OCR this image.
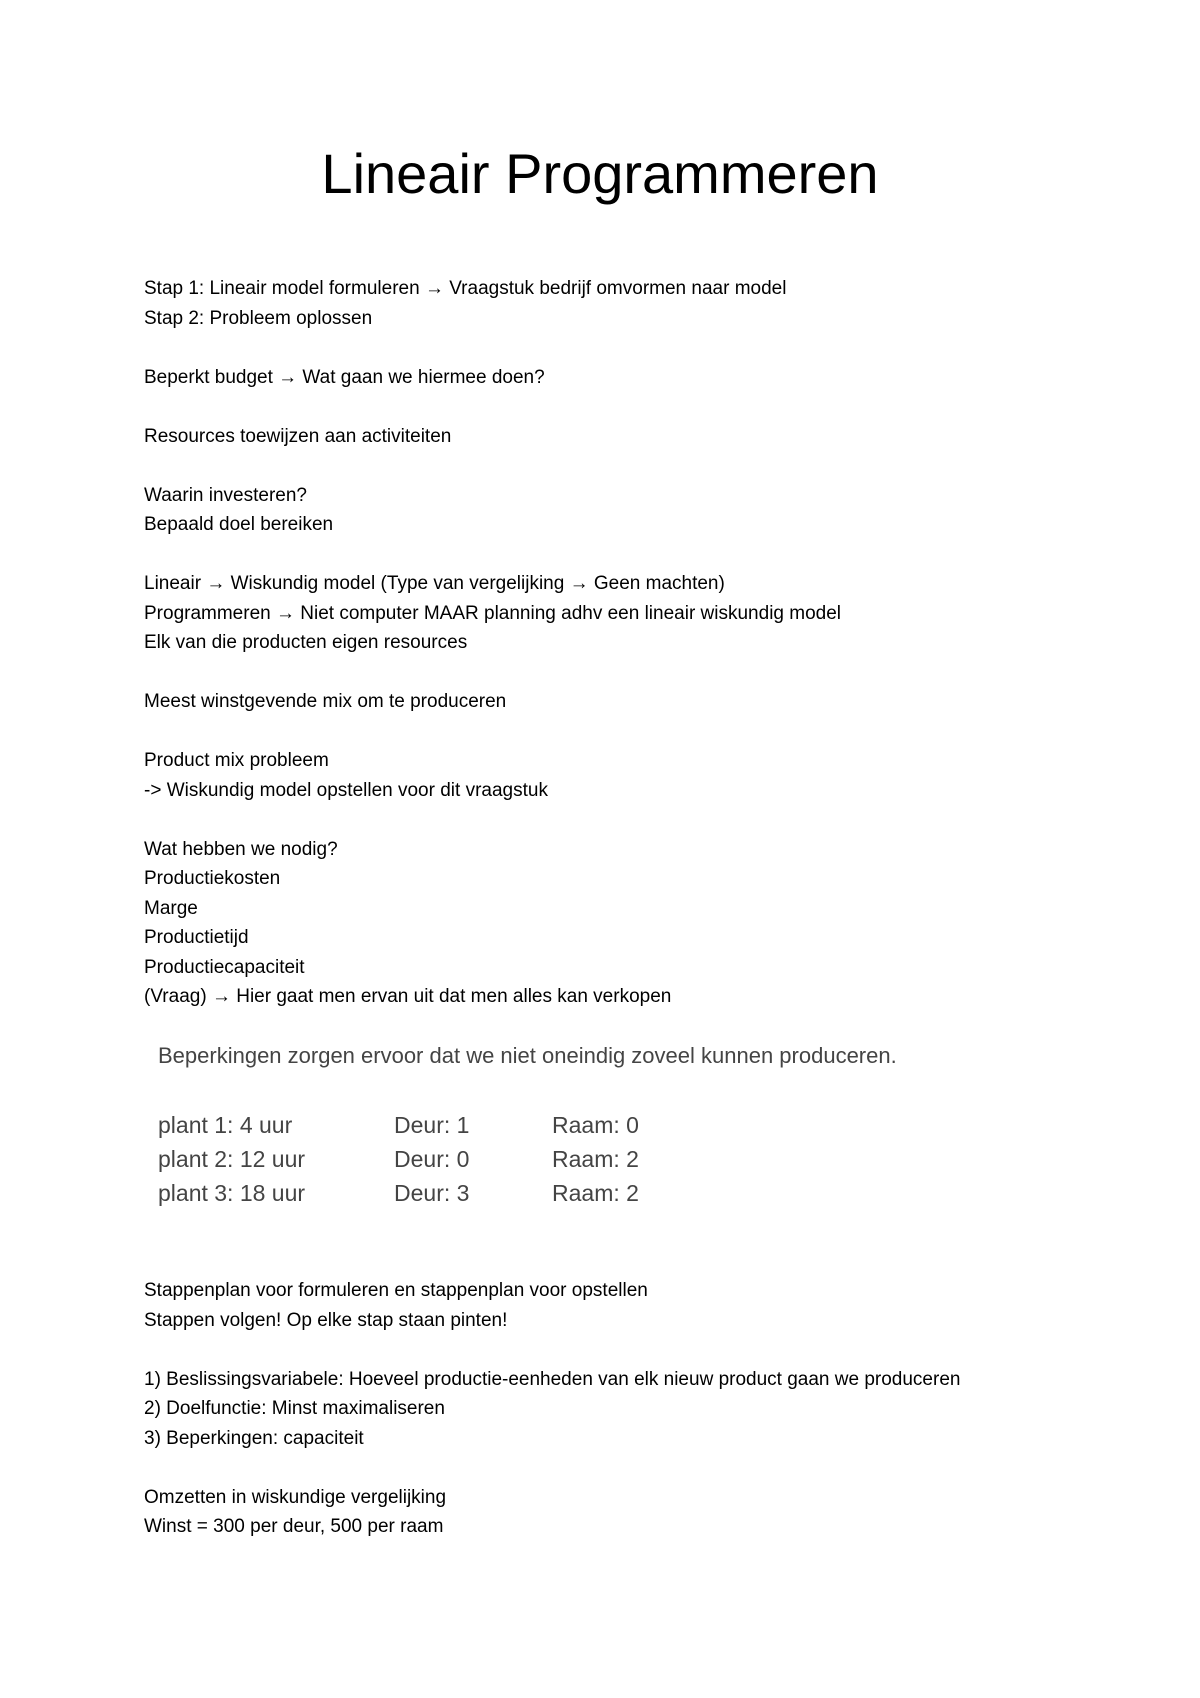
Lineair Programmeren
Stap 1: Lineair model formuleren → Vraagstuk bedrijf omvormen naar model
Stap 2: Probleem oplossen
Beperkt budget → Wat gaan we hiermee doen?
Resources toewijzen aan activiteiten
Waarin investeren?
Bepaald doel bereiken
Lineair → Wiskundig model (Type van vergelijking → Geen machten)
Programmeren → Niet computer MAAR planning adhv een lineair wiskundig model
Elk van die producten eigen resources
Meest winstgevende mix om te produceren
Product mix probleem
-> Wiskundig model opstellen voor dit vraagstuk
Wat hebben we nodig?
Productiekosten
Marge
Productietijd
Productiecapaciteit
(Vraag) → Hier gaat men ervan uit dat men alles kan verkopen
Beperkingen zorgen ervoor dat we niet oneindig zoveel kunnen produceren.
plant 1: 4 uur	Deur: 1	Raam: 0
plant 2: 12 uur	Deur: 0	Raam: 2
plant 3: 18 uur	Deur: 3	Raam: 2
Stappenplan voor formuleren en stappenplan voor opstellen
Stappen volgen! Op elke stap staan pinten!
1) Beslissingsvariabele: Hoeveel productie-eenheden van elk nieuw product gaan we produceren
2) Doelfunctie: Minst maximaliseren
3) Beperkingen: capaciteit
Omzetten in wiskundige vergelijking
Winst = 300 per deur, 500 per raam
